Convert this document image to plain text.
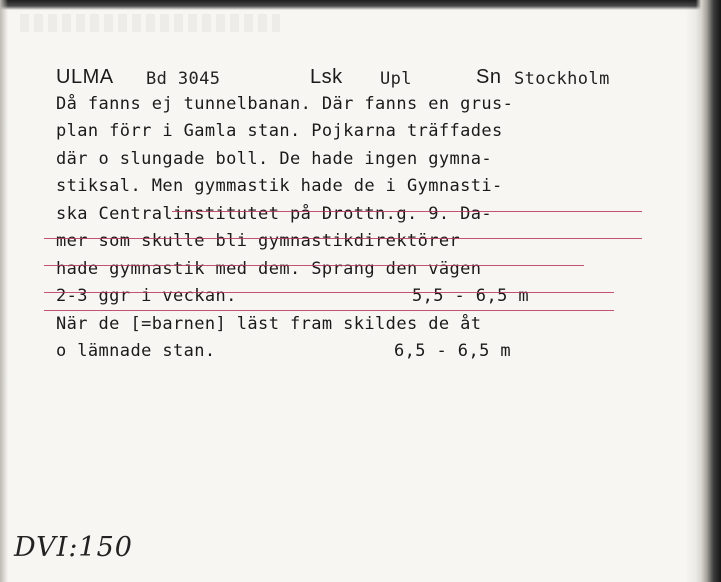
ULMA Bd 3045	Lsk Upl	Sn Stockholm
Då fanns ej tunnelbanan. Där fanns en grus-
plan förr i Gamla stan. Pojkarna träffades
där o slungade boll. De hade ingen gymna-
stiksal. Men gymmastik hade de i Gymnasti-
ska Centralinstitutet på Drottn.g. 9. Da-
mer som skulle bli gymnastikdirektörer
hade gymnastik med dem. Sprang den vägen
2-3 ggr i veckan.	5,5 - 6,5 m
När de [=barnen] läst fram skildes de åt
o lämnade stan.	6,5 - 6,5 m
DVI:150
